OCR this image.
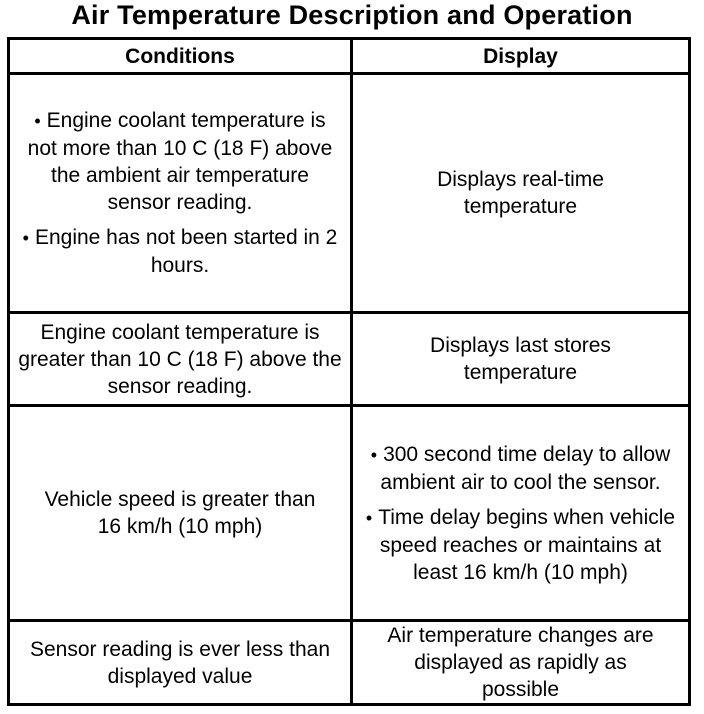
Air Temperature Description and Operation
Conditions	Display
• Engine coolant temperature is not more than 10 C (18 F) above the ambient air temperature sensor reading.
• Engine has not been started in 2 hours.
Displays real-time temperature
Engine coolant temperature is greater than 10 C (18 F) above the sensor reading.
Displays last stores temperature
Vehicle speed is greater than 16 km/h (10 mph)
• 300 second time delay to allow ambient air to cool the sensor.
• Time delay begins when vehicle speed reaches or maintains at least 16 km/h (10 mph)
Sensor reading is ever less than displayed value
Air temperature changes are displayed as rapidly as possible
